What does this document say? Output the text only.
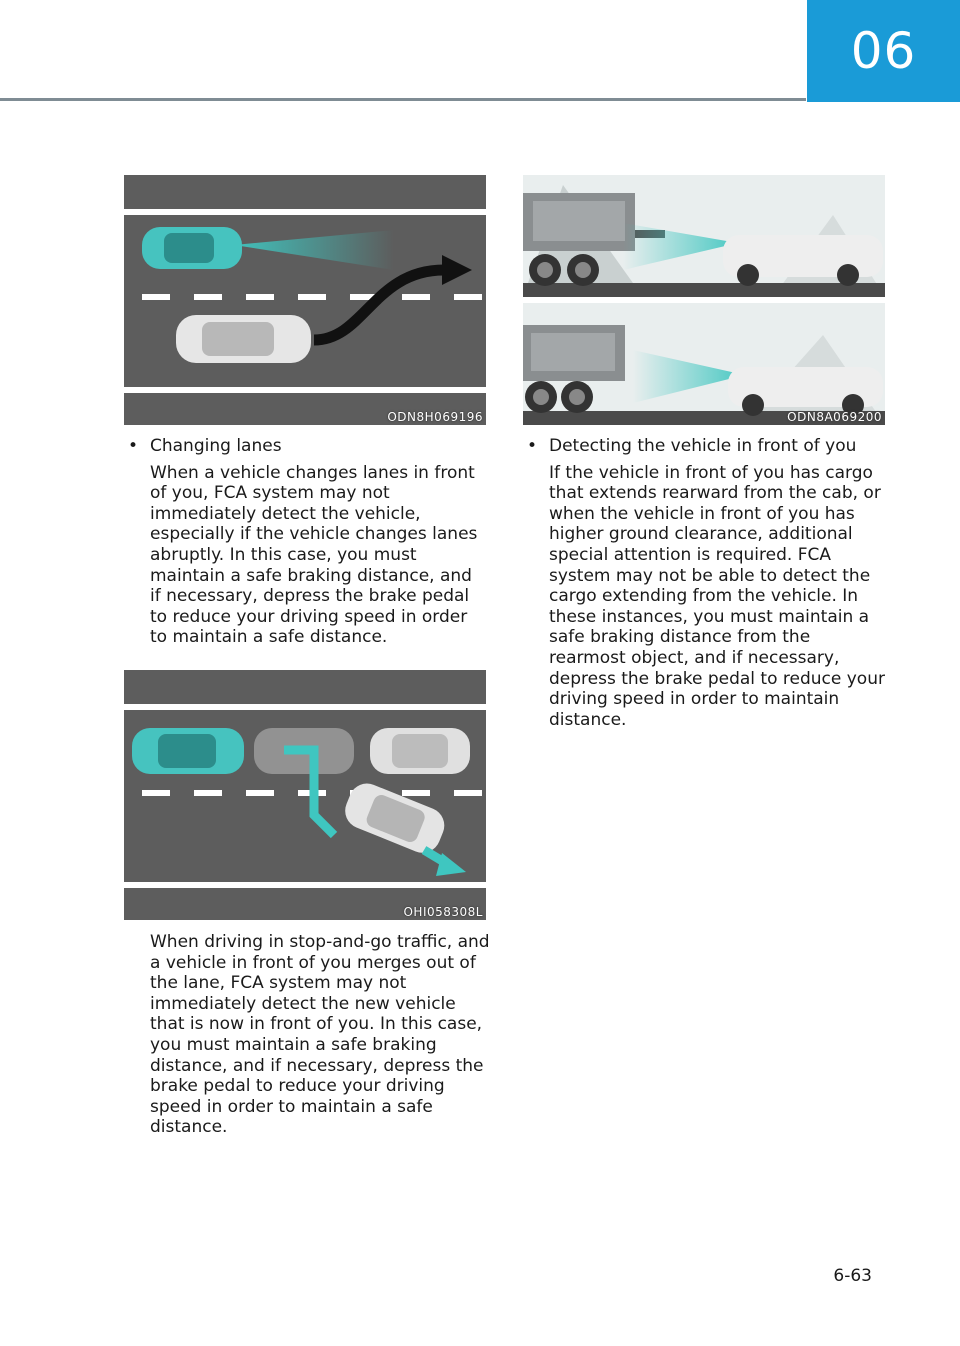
06
ODN8H069196
OHI058308L
ODN8A069200
• Changing lanes
When a vehicle changes lanes in front of you, FCA system may not immediately detect the vehicle, especially if the vehicle changes lanes abruptly. In this case, you must maintain a safe braking distance, and if necessary, depress the brake pedal to reduce your driving speed in order to maintain a safe distance.
When driving in stop-and-go traffic, and a vehicle in front of you merges out of the lane, FCA system may not immediately detect the new vehicle that is now in front of you. In this case, you must maintain a safe braking distance, and if necessary, depress the brake pedal to reduce your driving speed in order to maintain a safe distance.
• Detecting the vehicle in front of you
If the vehicle in front of you has cargo that extends rearward from the cab, or when the vehicle in front of you has higher ground clearance, additional special attention is required. FCA system may not be able to detect the cargo extending from the vehicle. In these instances, you must maintain a safe braking distance from the rearmost object, and if necessary, depress the brake pedal to reduce your driving speed in order to maintain distance.
6-63
